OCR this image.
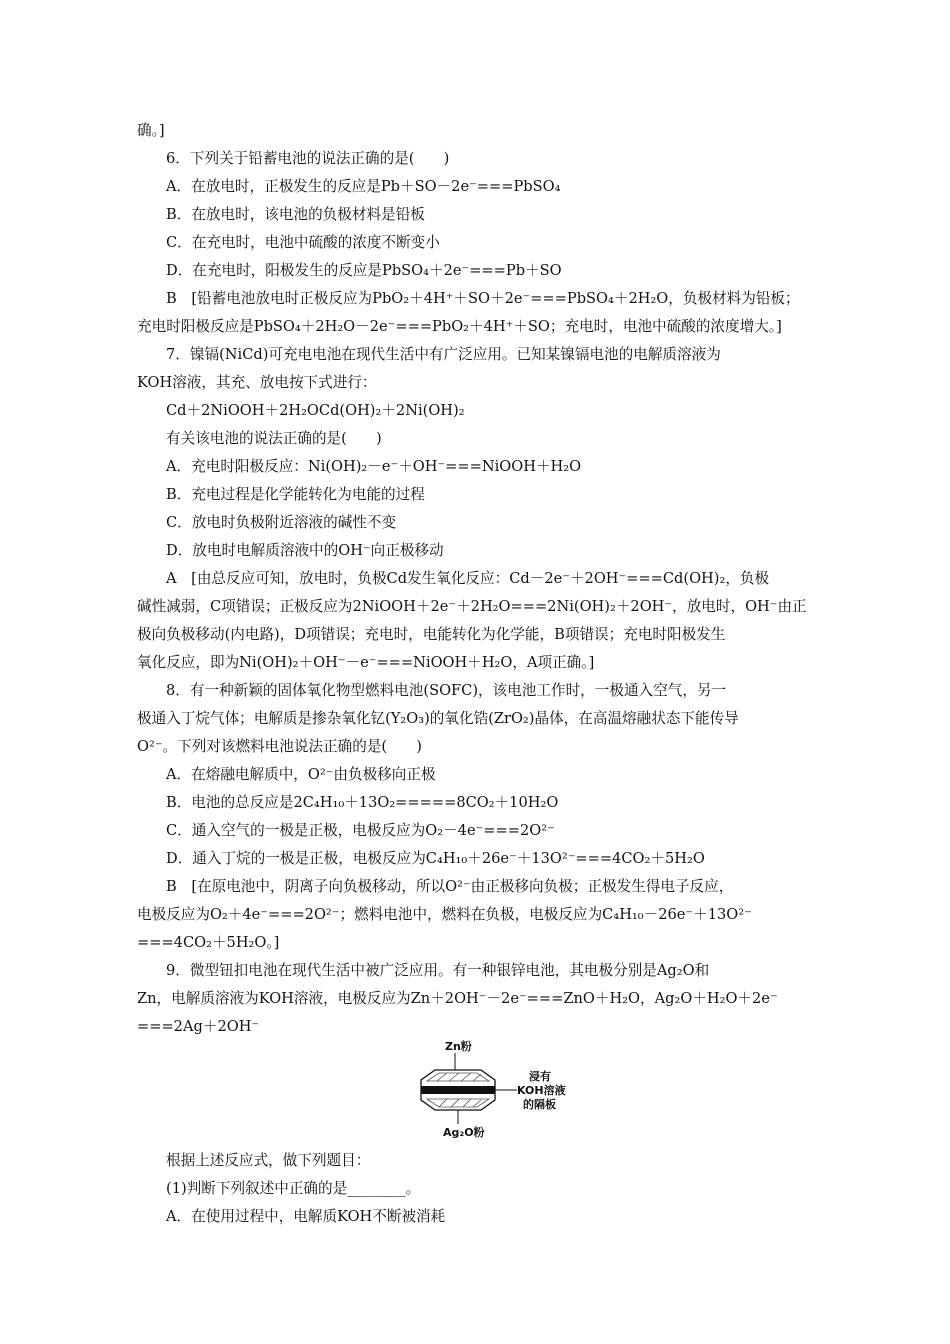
确。]
6．下列关于铅蓄电池的说法正确的是(　　)
A．在放电时，正极发生的反应是Pb＋SO－2e⁻===PbSO₄
B．在放电时，该电池的负极材料是铅板
C．在充电时，电池中硫酸的浓度不断变小
D．在充电时，阳极发生的反应是PbSO₄＋2e⁻===Pb＋SO
B　[铅蓄电池放电时正极反应为PbO₂＋4H⁺＋SO＋2e⁻===PbSO₄＋2H₂O，负极材料为铅板；
充电时阳极反应是PbSO₄＋2H₂O－2e⁻===PbO₂＋4H⁺＋SO；充电时，电池中硫酸的浓度增大。]
7．镍镉(NiCd)可充电电池在现代生活中有广泛应用。已知某镍镉电池的电解质溶液为
KOH溶液，其充、放电按下式进行：
Cd＋2NiOOH＋2H₂OCd(OH)₂＋2Ni(OH)₂
有关该电池的说法正确的是(　　)
A．充电时阳极反应：Ni(OH)₂－e⁻＋OH⁻===NiOOH＋H₂O
B．充电过程是化学能转化为电能的过程
C．放电时负极附近溶液的碱性不变
D．放电时电解质溶液中的OH⁻向正极移动
A　[由总反应可知，放电时，负极Cd发生氧化反应：Cd－2e⁻＋2OH⁻===Cd(OH)₂，负极
碱性减弱，C项错误；正极反应为2NiOOH＋2e⁻＋2H₂O===2Ni(OH)₂＋2OH⁻，放电时，OH⁻由正
极向负极移动(内电路)，D项错误；充电时，电能转化为化学能，B项错误；充电时阳极发生
氧化反应，即为Ni(OH)₂＋OH⁻－e⁻===NiOOH＋H₂O，A项正确。]
8．有一种新颖的固体氧化物型燃料电池(SOFC)，该电池工作时，一极通入空气，另一
极通入丁烷气体；电解质是掺杂氧化钇(Y₂O₃)的氧化锆(ZrO₂)晶体，在高温熔融状态下能传导
O²⁻。下列对该燃料电池说法正确的是(　　)
A．在熔融电解质中，O²⁻由负极移向正极
B．电池的总反应是2C₄H₁₀＋13O₂=====8CO₂＋10H₂O
C．通入空气的一极是正极，电极反应为O₂－4e⁻===2O²⁻
D．通入丁烷的一极是正极，电极反应为C₄H₁₀＋26e⁻＋13O²⁻===4CO₂＋5H₂O
B　[在原电池中，阴离子向负极移动，所以O²⁻由正极移向负极；正极发生得电子反应，
电极反应为O₂＋4e⁻===2O²⁻；燃料电池中，燃料在负极，电极反应为C₄H₁₀－26e⁻＋13O²⁻
===4CO₂＋5H₂O。]
9．微型钮扣电池在现代生活中被广泛应用。有一种银锌电池，其电极分别是Ag₂O和
Zn，电解质溶液为KOH溶液，电极反应为Zn＋2OH⁻－2e⁻===ZnO＋H₂O，Ag₂O＋H₂O＋2e⁻
===2Ag＋2OH⁻
Zn粉
浸有
KOH溶液
的隔板
Ag₂O粉
根据上述反应式，做下列题目：
(1)判断下列叙述中正确的是________。
A．在使用过程中，电解质KOH不断被消耗
